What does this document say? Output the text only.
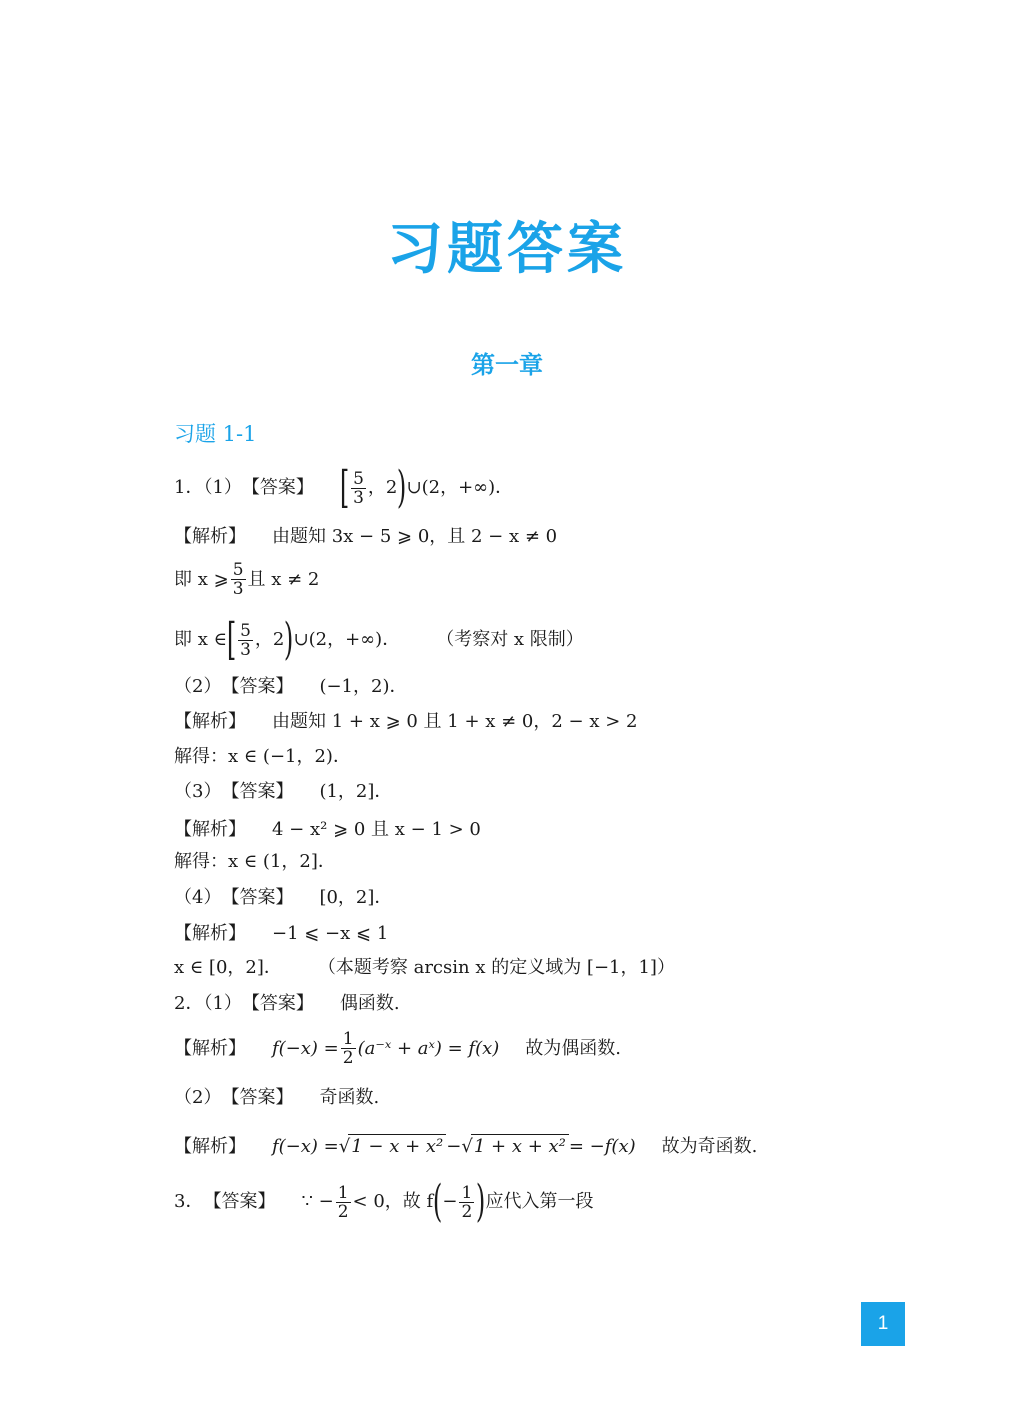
习题答案
第一章
习题 1-1
1．（1） 【答案】 [ $\frac{5}{3}$ ，2 ) ∪(2，+∞)．
【解析】 由题知 3x − 5 ⩾ 0，且 2 − x ≠ 0
即 x ⩾ $\frac{5}{3}$ 且 x ≠ 2
即 x ∈ [ $\frac{5}{3}$ ，2 ) ∪(2，+∞)． （考察对 x 限制）
（2） 【答案】 (−1，2)．
【解析】 由题知 1 + x ⩾ 0 且 1 + x ≠ 0，2 − x > 2
解得： x ∈ (−1，2)．
（3） 【答案】 (1，2]．
【解析】 4 − x² ⩾ 0 且 x − 1 > 0
解得： x ∈ (1，2]．
（4） 【答案】 [0，2]．
【解析】 −1 ⩽ −x ⩽ 1
x ∈ [0，2]． （本题考察 arcsin x 的定义域为 [−1，1]）
2．（1） 【答案】 偶函数.
【解析】 $f(-x) = \frac{1}{2}$ (a⁻ˣ + aˣ) = f(x) 故为偶函数.
（2） 【答案】 奇函数.
【解析】 f(−x) = √ 1 − x + x² − √ 1 + x + x² = −f(x) 故为奇函数.
3． 【答案】 ∵ − $\frac{1}{2} < 0$，故 f ( − $\frac{1}{2}$ ) 应代入第一段
1
